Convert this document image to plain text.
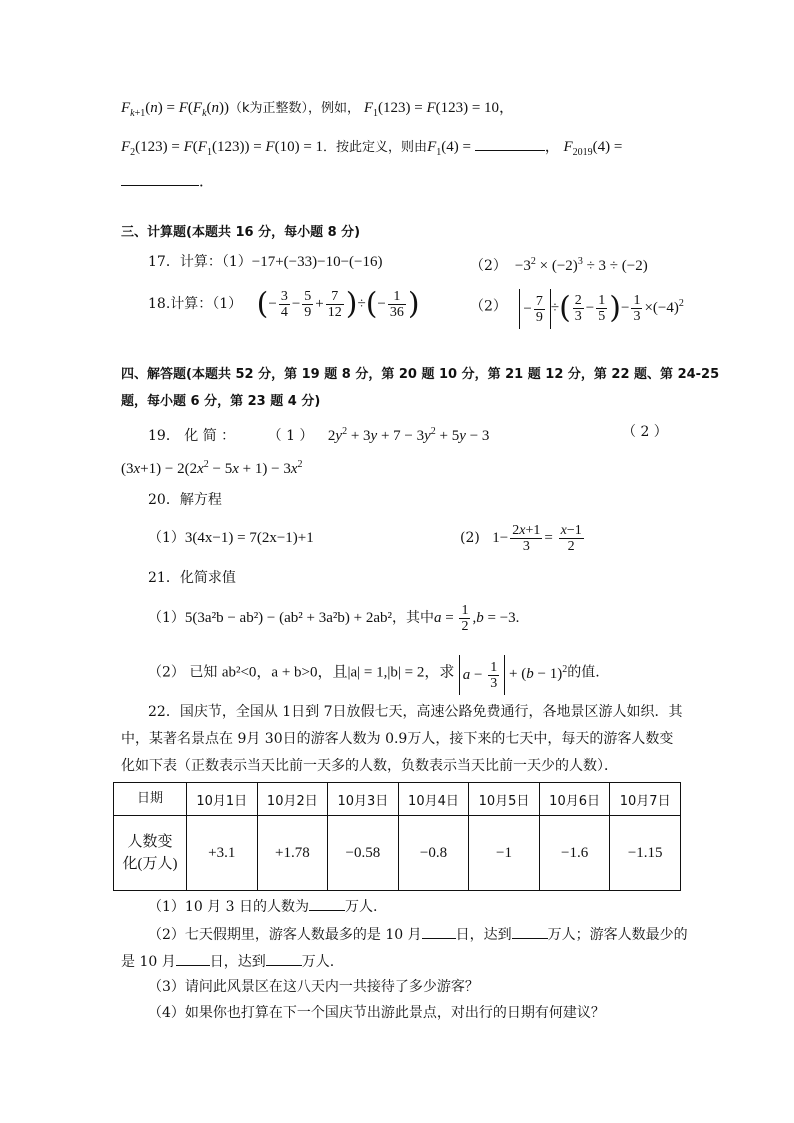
$F_{k+1}(n) = F(F_k(n))(k$为正整数），例如， $F_1(123) = F(123) = 10$，
$F_2(123) = F(F_1(123)) = F(10) = 1$．按此定义，则由$F_1(4)$ =	， $F_{2019}(4)$ =
．
三、计算题(本题共 16 分，每小题 8 分)
17．计算：（1）−17+(−33)−10−(−16)	$(2) -3^2 \times (-2)^3 \div 3 \div (-2)$
18.计算：（1） (− $\frac{3}{4} - \frac{5}{9} + \frac{7}{12}$ )÷(− $\frac{1}{36}$ )	$(2) - \frac{7}{9}$ ÷( $\frac{2}{3} - \frac{1}{5}$ )− $\frac{1}{3} \times(-4)^2$
四、解答题(本题共 52 分，第 19 题 8 分，第 20 题 10 分，第 21 题 12 分，第 22 题、第 24-25
题，每小题 6 分，第 23 题 4 分)
19． 化 简 ： （ 1 ） $2y^2 + 3y + 7 - 3y^2 + 5y - 3$	（ 2 ）
$(3x+1) - 2(2x^2 - 5x + 1) - 3x^2$
20．解方程
（1）3(4x−1) = 7(2x−1)+1	(2) $1- \frac{2x+1}{3} = \frac{x-1}{2}$
21．化简求值
（1）5(3a²b − ab²) − (ab² + 3a²b) + 2ab²，其中$a = \frac{1}{2} ,b = -3$.
（2） 已知 ab²<0，a + b>0，且|a| = 1,|b| = 2，求 $a - \frac{1}{3} + (b - 1)^2$的值.
22．国庆节，全国从 1日到 7日放假七天，高速公路免费通行，各地景区游人如织．其
中，某著名景点在 9月 30日的游客人数为 0.9万人，接下来的七天中，每天的游客人数变
化如下表（正数表示当天比前一天多的人数，负数表示当天比前一天少的人数）．
日期	10月1日	10月2日	10月3日	10月4日	10月5日	10月6日	10月7日

人数变
化(万人)	+3.1	+1.78	−0.58	−0.8	−1	−1.6	−1.15
（1）10 月 3 日的人数为	万人.
（2）七天假期里，游客人数最多的是 10 月 日，达到	万人；游客人数最少的
是 10 月 日，达到	万人.
（3）请问此风景区在这八天内一共接待了多少游客？
（4）如果你也打算在下一个国庆节出游此景点，对出行的日期有何建议？
